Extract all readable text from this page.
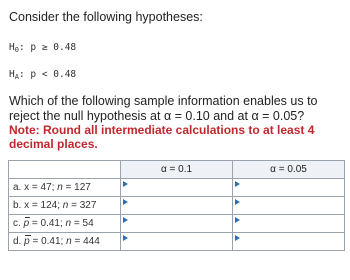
Consider the following hypotheses:
$H_0$: p ≥ 0.48
$H_A$: p < 0.48
Which of the following sample information enables us to reject the null hypothesis at α = 0.10 and at α = 0.05?
Note: Round all intermediate calculations to at least 4 decimal places.
	α = 0.1	α = 0.05
a. x = 47; n = 127	

b. x = 124; n = 327	

c. p = 0.41; n = 54	

d. p = 0.41; n = 444	
